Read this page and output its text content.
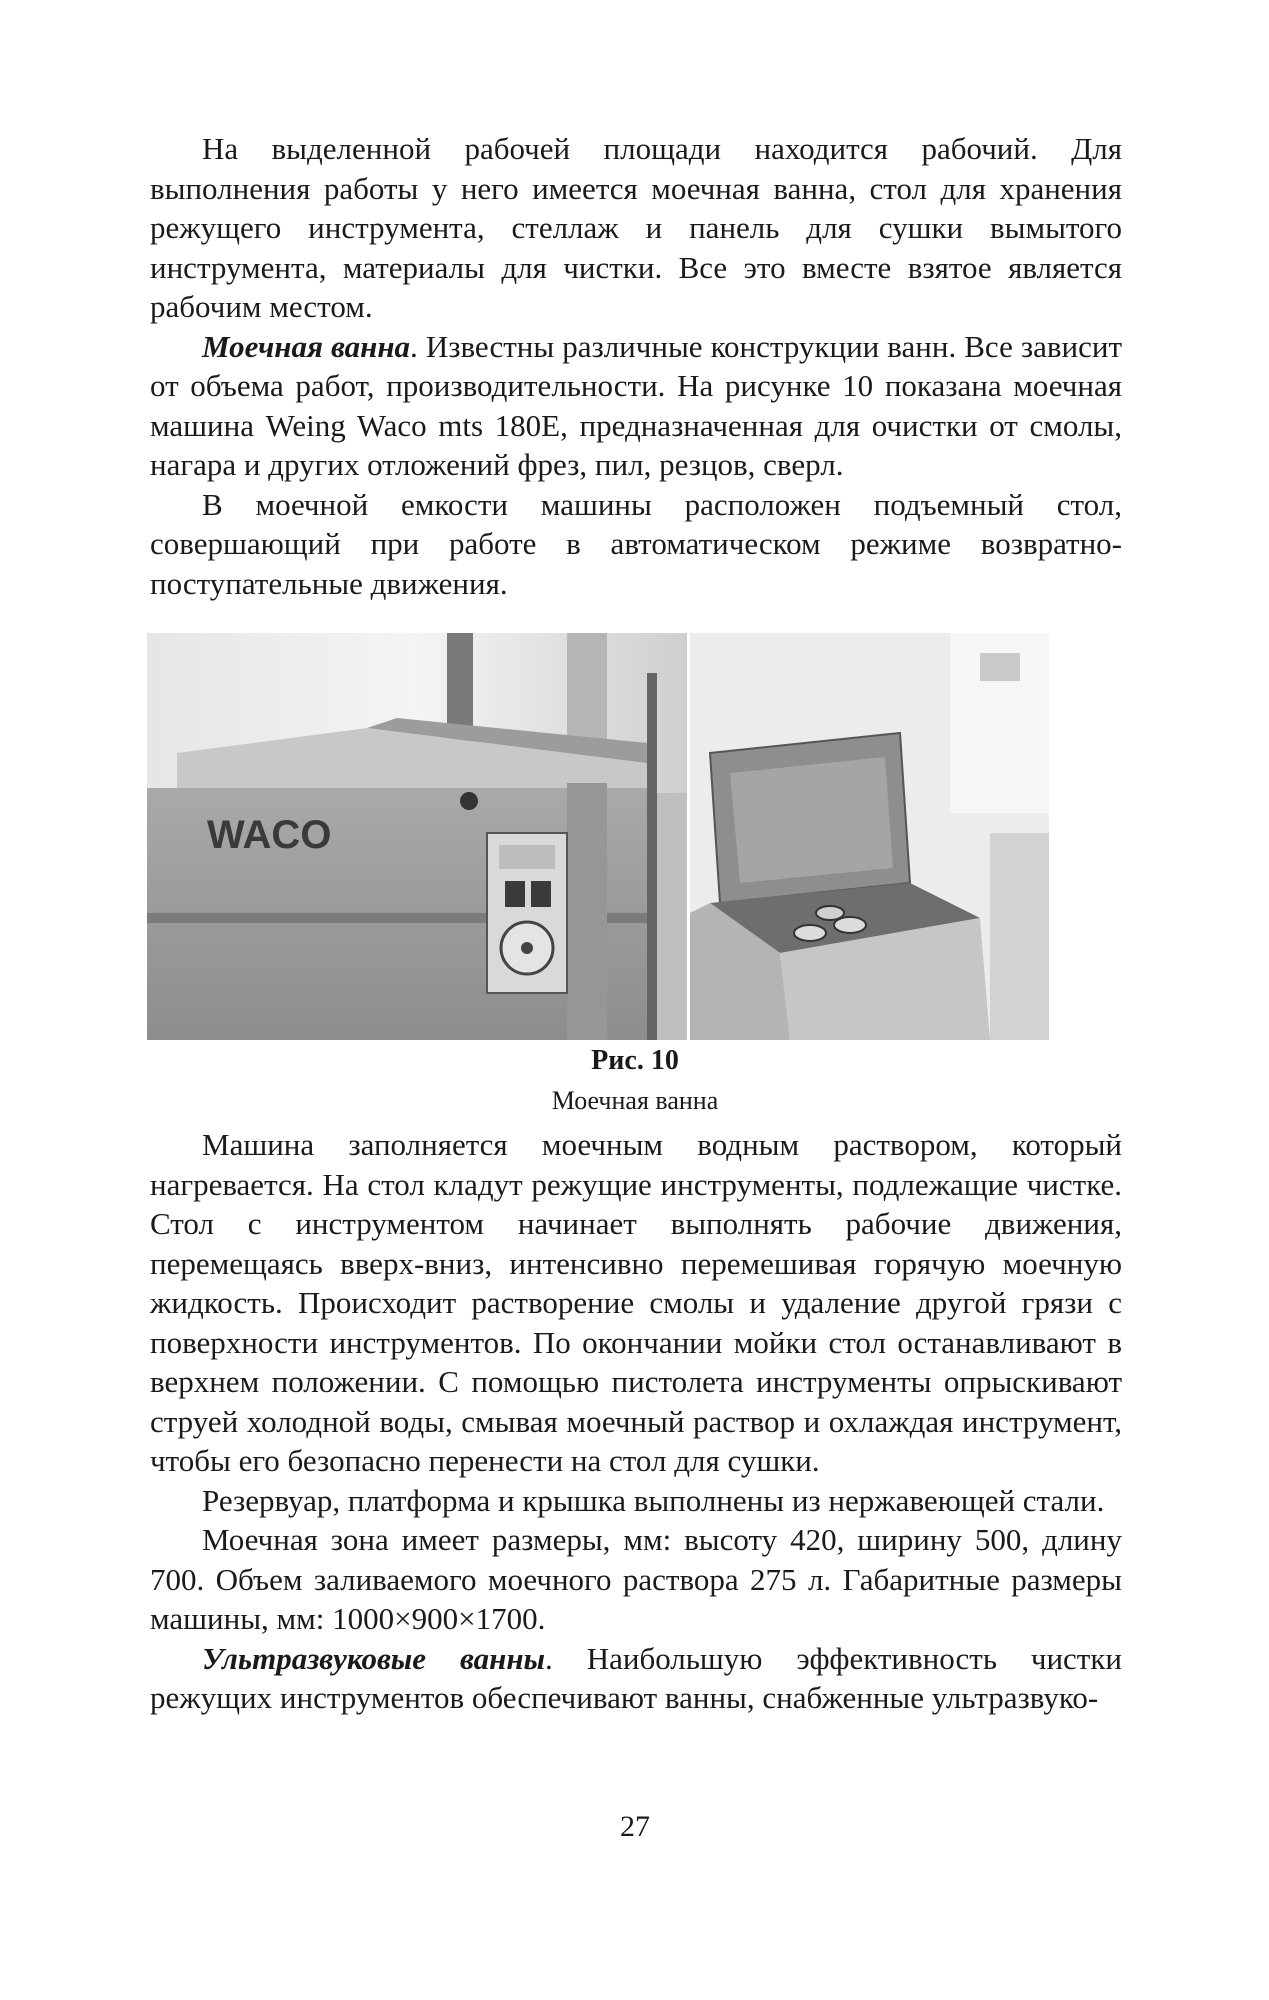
На выделенной рабочей площади находится рабочий. Для выполнения работы у него имеется моечная ванна, стол для хранения режущего инструмента, стеллаж и панель для сушки вымытого инструмента, материалы для чистки. Все это вместе взятое является рабочим местом.

Моечная ванна. Известны различные конструкции ванн. Все зависит от объема работ, производительности. На рисунке 10 показана моечная машина Weing Waco mts 180E, предназначенная для очистки от смолы, нагара и других отложений фрез, пил, резцов, сверл.

В моечной емкости машины расположен подъемный стол, совершающий при работе в автоматическом режиме возвратно-поступательные движения.

WACO
Рис. 10
Моечная ванна

Машина заполняется моечным водным раствором, который нагревается. На стол кладут режущие инструменты, подлежащие чистке. Стол с инструментом начинает выполнять рабочие движения, перемещаясь вверх-вниз, интенсивно перемешивая горячую моечную жидкость. Происходит растворение смолы и удаление другой грязи с поверхности инструментов. По окончании мойки стол останавливают в верхнем положении. С помощью пистолета инструменты опрыскивают струей холодной воды, смывая моечный раствор и охлаждая инструмент, чтобы его безопасно перенести на стол для сушки.

Резервуар, платформа и крышка выполнены из нержавеющей стали.

Моечная зона имеет размеры, мм: высоту 420, ширину 500, длину 700. Объем заливаемого моечного раствора 275 л. Габаритные размеры машины, мм: 1000×900×1700.

Ультразвуковые ванны. Наибольшую эффективность чистки режущих инструментов обеспечивают ванны, снабженные ультразвуко-

27
